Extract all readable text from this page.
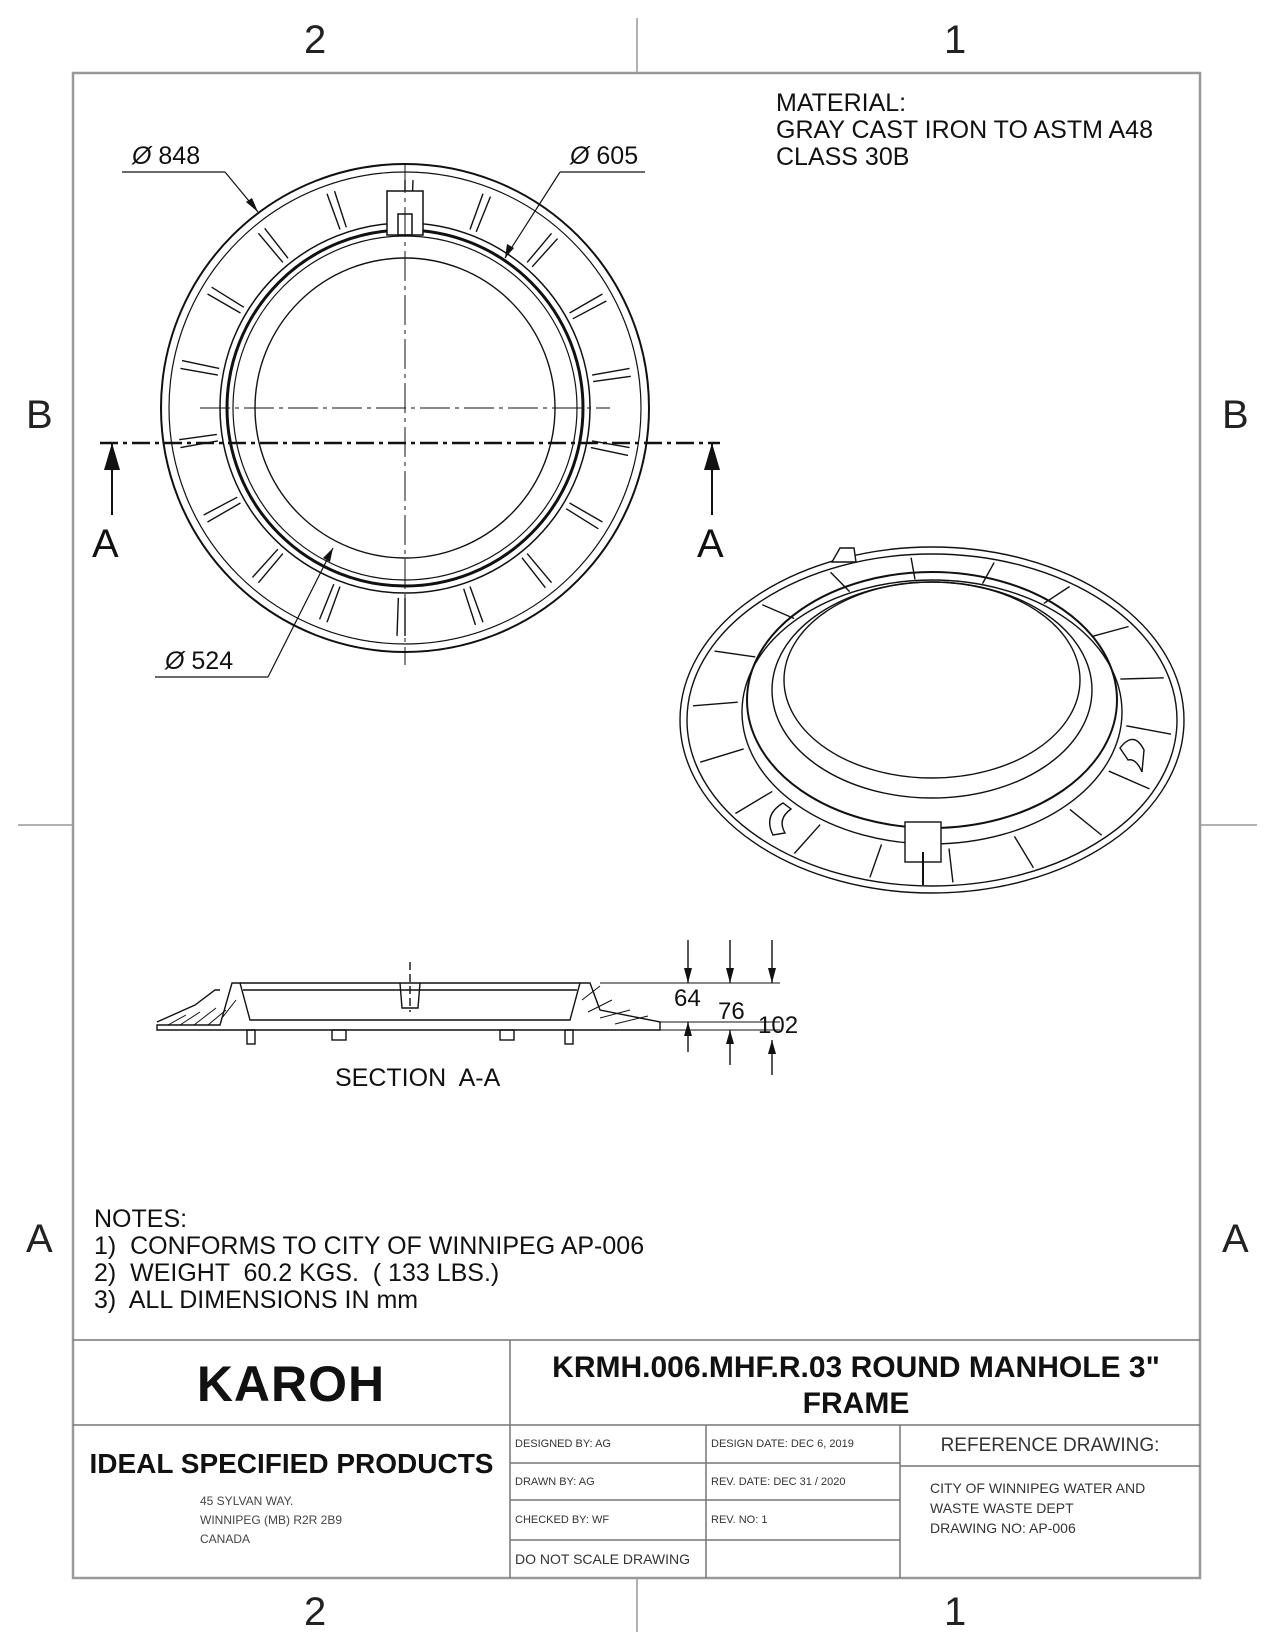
2	1
2	1
B
A
B
A
MATERIAL:
GRAY CAST IRON TO ASTM A48
CLASS 30B
Ø 848	Ø 605
Ø 524
A	A
64 76
102
SECTION  A-A
NOTES:
1)  CONFORMS TO CITY OF WINNIPEG AP-006
2)  WEIGHT  60.2 KGS.  ( 133 LBS.)
3)  ALL DIMENSIONS IN mm
KAROH	KRMH.006.MHF.R.03 ROUND MANHOLE 3" FRAME
IDEAL SPECIFIED PRODUCTS
45 SYLVAN WAY.
WINNIPEG (MB) R2R 2B9
CANADA
DESIGNED BY: AG	DESIGN DATE: DEC 6, 2019
DRAWN BY: AG	REV. DATE: DEC 31 / 2020
CHECKED BY: WF	REV. NO: 1
DO NOT SCALE DRAWING
REFERENCE DRAWING:
CITY OF WINNIPEG WATER AND
WASTE WASTE DEPT
DRAWING NO: AP-006
